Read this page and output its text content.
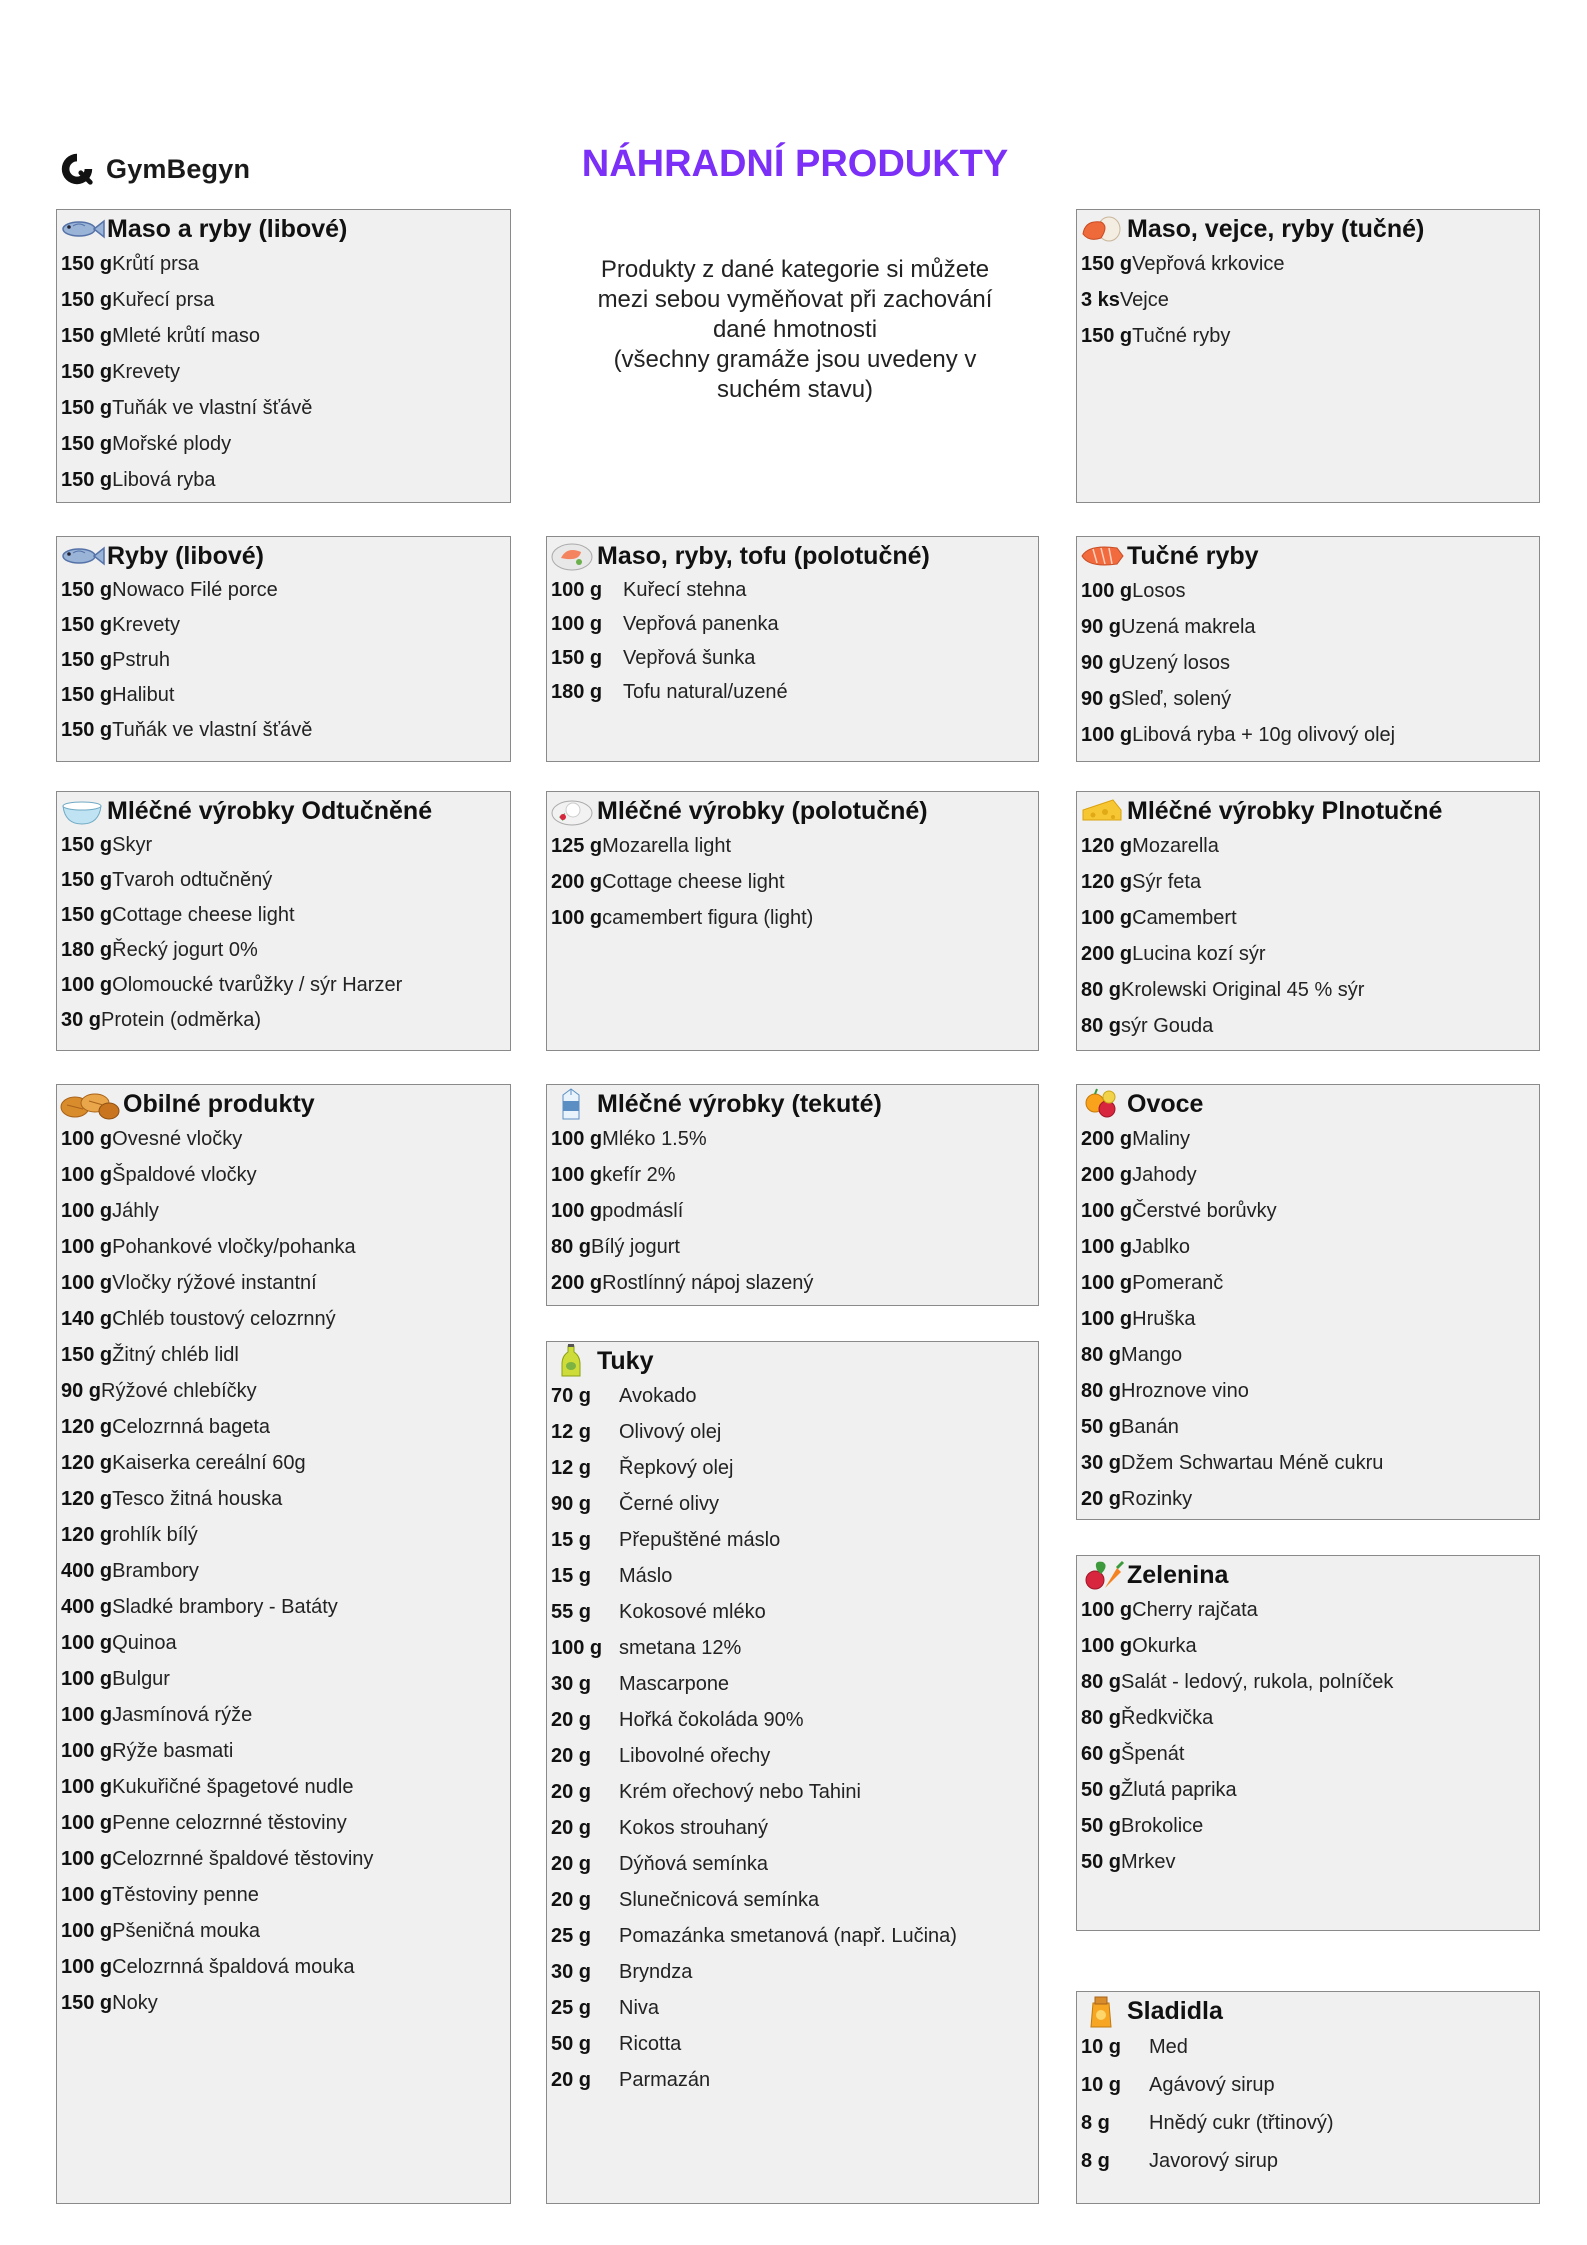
GymBegyn	NÁHRADNÍ PRODUKTY
Produkty z dané kategorie si můžete
mezi sebou vyměňovat při zachování
dané hmotnosti
(všechny gramáže jsou uvedeny v
suchém stavu)
Maso a ryby (libové)
150 g Krůtí prsa
150 g Kuřecí prsa
150 g Mleté krůtí maso
150 g Krevety
150 g Tuňák ve vlastní šťávě
150 g Mořské plody
150 g Libová ryba
Maso, vejce, ryby (tučné)
150 g Vepřová krkovice
3 ks Vejce
150 g Tučné ryby
Ryby (libové)
150 g Nowaco Filé porce
150 g Krevety
150 g Pstruh
150 g Halibut
150 g Tuňák ve vlastní šťávě
Maso, ryby, tofu (polotučné)
100 g	Kuřecí stehna
100 g	Vepřová panenka
150 g	Vepřová šunka
180 g	Tofu natural/uzené
Tučné ryby
100 g Losos
90 g Uzená makrela
90 g Uzený losos
90 g Sleď, solený
100 g Libová ryba + 10g olivový olej
Mléčné výrobky Odtučněné
150 g Skyr
150 g Tvaroh odtučněný
150 g Cottage cheese light
180 g Řecký jogurt 0%
100 g Olomoucké tvarůžky / sýr Harzer
30 g Protein (odměrka)
Mléčné výrobky (polotučné)
125 g Mozarella light
200 g Cottage cheese light
100 g camembert figura (light)
Mléčné výrobky Plnotučné
120 g Mozarella
120 g Sýr feta
100 g Camembert
200 g Lucina kozí sýr
80 g Krolewski Original 45 % sýr
80 g sýr Gouda
Obilné produkty
100 g Ovesné vločky
100 g Špaldové vločky
100 g Jáhly
100 g Pohankové vločky/pohanka
100 g Vločky rýžové instantní
140 g Chléb toustový celozrnný
150 g Žitný chléb lidl
90 g Rýžové chlebíčky
120 g Celozrnná bageta
120 g Kaiserka cereální 60g
120 g Tesco žitná houska
120 g rohlík bílý
400 g Brambory
400 g Sladké brambory - Batáty
100 g Quinoa
100 g Bulgur
100 g Jasmínová rýže
100 g Rýže basmati
100 g Kukuřičné špagetové nudle
100 g Penne celozrnné těstoviny
100 g Celozrnné špaldové těstoviny
100 g Těstoviny penne
100 g Pšeničná mouka
100 g Celozrnná špaldová mouka
150 g Noky
Mléčné výrobky (tekuté)
100 g Mléko 1.5%
100 g kefír 2%
100 g podmáslí
80 g Bílý jogurt
200 g Rostlínný nápoj slazený
Ovoce
200 g Maliny
200 g Jahody
100 g Čerstvé borůvky
100 g Jablko
100 g Pomeranč
100 g Hruška
80 g Mango
80 g Hroznove vino
50 g Banán
30 g Džem Schwartau Méně cukru
20 g Rozinky
Tuky
70 g	Avokado
12 g	Olivový olej
12 g	Řepkový olej
90 g	Černé olivy
15 g	Přepuštěné máslo
15 g	Máslo
55 g	Kokosové mléko
100 g smetana 12%
30 g	Mascarpone
20 g	Hořká čokoláda 90%
20 g	Libovolné ořechy
20 g	Krém ořechový nebo Tahini
20 g	Kokos strouhaný
20 g	Dýňová semínka
20 g	Slunečnicová semínka
25 g	Pomazánka smetanová (např. Lučina)
30 g	Bryndza
25 g	Niva
50 g	Ricotta
20 g	Parmazán
Zelenina
100 g Cherry rajčata
100 g Okurka
80 g Salát - ledový, rukola, polníček
80 g Ředkvička
60 g Špenát
50 g Žlutá paprika
50 g Brokolice
50 g Mrkev
Sladidla
10 g	Med
10 g	Agávový sirup
8 g	Hnědý cukr (třtinový)
8 g	Javorový sirup
